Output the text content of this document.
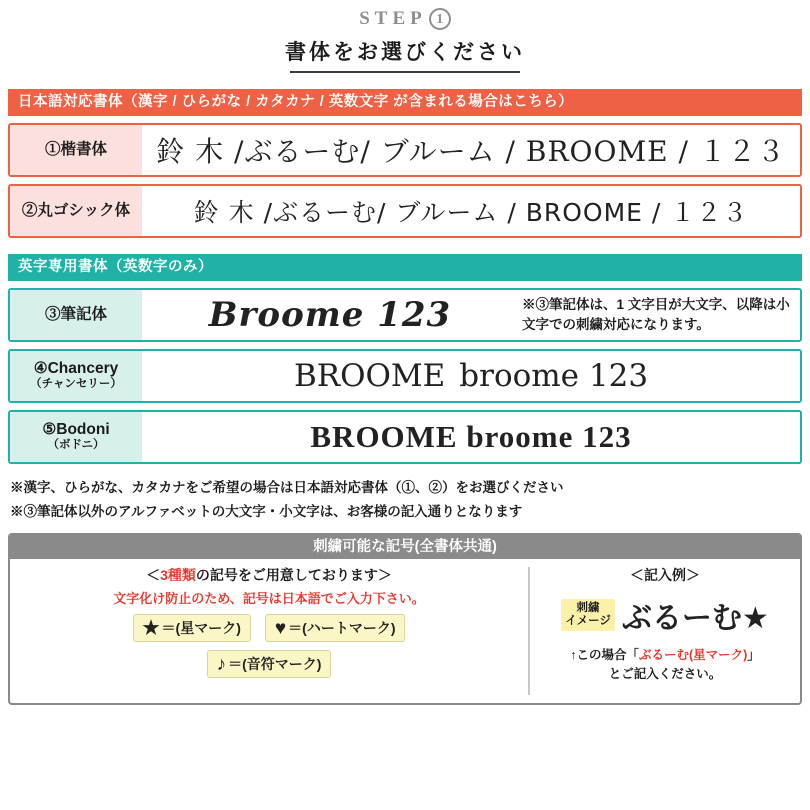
STEP 1
書体をお選びください
日本語対応書体（漢字 / ひらがな / カタカナ / 英数文字 が含まれる場合はこちら）
①楷書体 鈴 木 /ぶるーむ/ ブルーム / BROOME / １２３
②丸ゴシック体	鈴 木 /ぶるーむ/ ブルーム / BROOME / １２３
英字専用書体（英数字のみ）
③筆記体	Broome 123	※③筆記体は、1 文字目が大文字、以降は小文字での刺繍対応になります。
④Chancery
（チャンセリー）	BROOME broome 123
⑤Bodoni
（ボドニ）	BROOME broome 123
※漢字、ひらがな、カタカナをご希望の場合は日本語対応書体（①、②）をお選びください
※③筆記体以外のアルファベットの大文字・小文字は、お客様の記入通りとなります
刺繍可能な記号(全書体共通)
＜3種類の記号をご用意しております＞
文字化け防止のため、記号は日本語でご入力下さい。
★ ＝(星マーク) ♥ ＝(ハートマーク)
♪ ＝(音符マーク)
＜記入例＞
刺繍
イメージ ぶるーむ★
↑この場合「ぶるーむ(星マーク)」
とご記入ください。
